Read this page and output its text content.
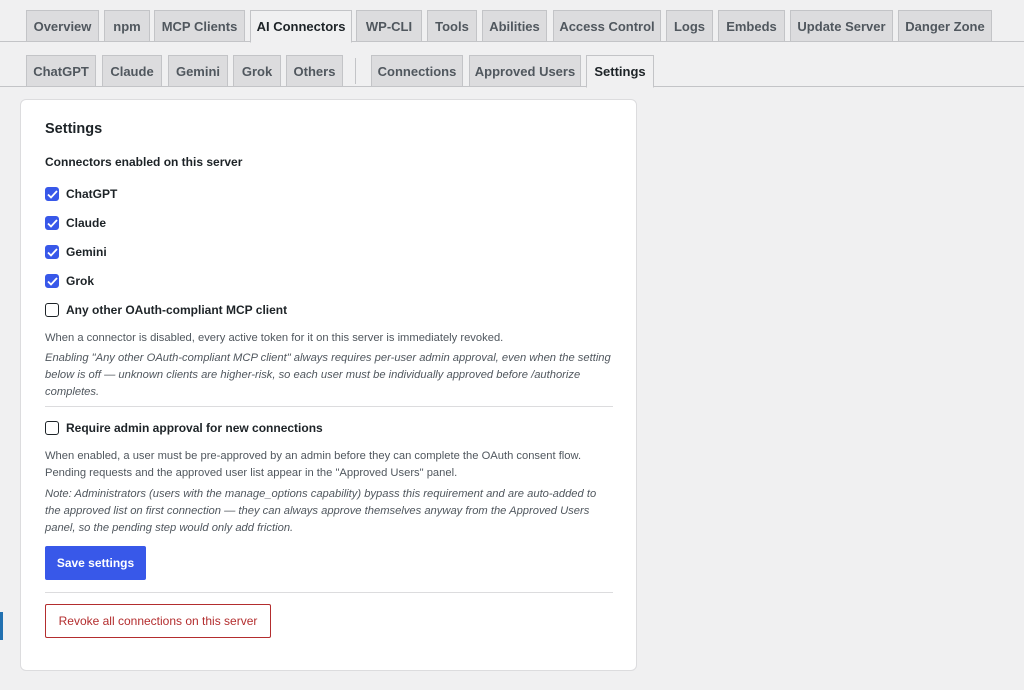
Overview	npm	MCP Clients	AI Connectors	WP-CLI	Tools	Abilities	Access Control	Logs	Embeds	Update Server	Danger Zone
ChatGPT	Claude	Gemini	Grok	Others	Connections	Approved Users	Settings
Settings
Connectors enabled on this server
ChatGPT
Claude
Gemini
Grok
Any other OAuth-compliant MCP client
When a connector is disabled, every active token for it on this server is immediately revoked.
Enabling "Any other OAuth-compliant MCP client" always requires per-user admin approval, even when the setting below is off — unknown clients are higher-risk, so each user must be individually approved before /authorize completes.
Require admin approval for new connections
When enabled, a user must be pre-approved by an admin before they can complete the OAuth consent flow. Pending requests and the approved user list appear in the "Approved Users" panel.
Note: Administrators (users with the manage_options capability) bypass this requirement and are auto-added to the approved list on first connection — they can always approve themselves anyway from the Approved Users panel, so the pending step would only add friction.
Save settings
Revoke all connections on this server
